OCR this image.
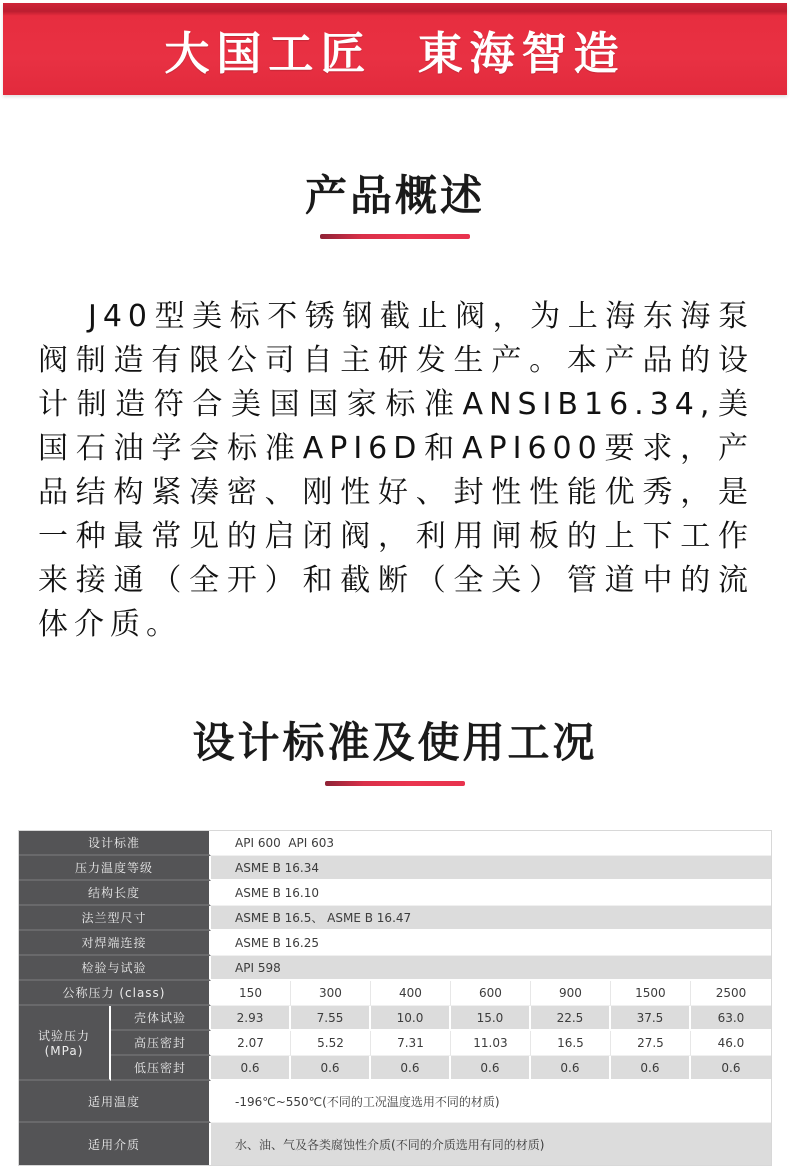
大国工匠  東海智造
产品概述

J40型美标不锈钢截止阀，为上海东海泵阀制造有限公司自主研发生产。本产品的设计制造符合美国国家标准ANSIB16.34,美国石油学会标准API6D和API600要求，产品结构紧凑密、刚性好、封性性能优秀，是一种最常见的启闭阀，利用闸板的上下工作来接通（全开）和截断（全关）管道中的流体介质。

设计标准及使用工况
设计标准		API 600  API 603						
压力温度等级		ASME B 16.34						
结构长度		ASME B 16.10						
法兰型尺寸		ASME B 16.5、 ASME B 16.47						
对焊端连接		ASME B 16.25						
检验与试验		API 598						
公称压力 (class)		150	300	400	600	900	1500	2500
试验压力(MPa)	壳体试验	2.93	7.55	10.0	15.0	22.5	37.5	63.0
	高压密封	2.07	5.52	7.31	11.03	16.5	27.5	46.0
	低压密封	0.6	0.6	0.6	0.6	0.6	0.6	0.6
适用温度		-196℃~550℃(不同的工况温度选用不同的材质)						
适用介质		水、油、气及各类腐蚀性介质(不同的介质选用有同的材质)						
